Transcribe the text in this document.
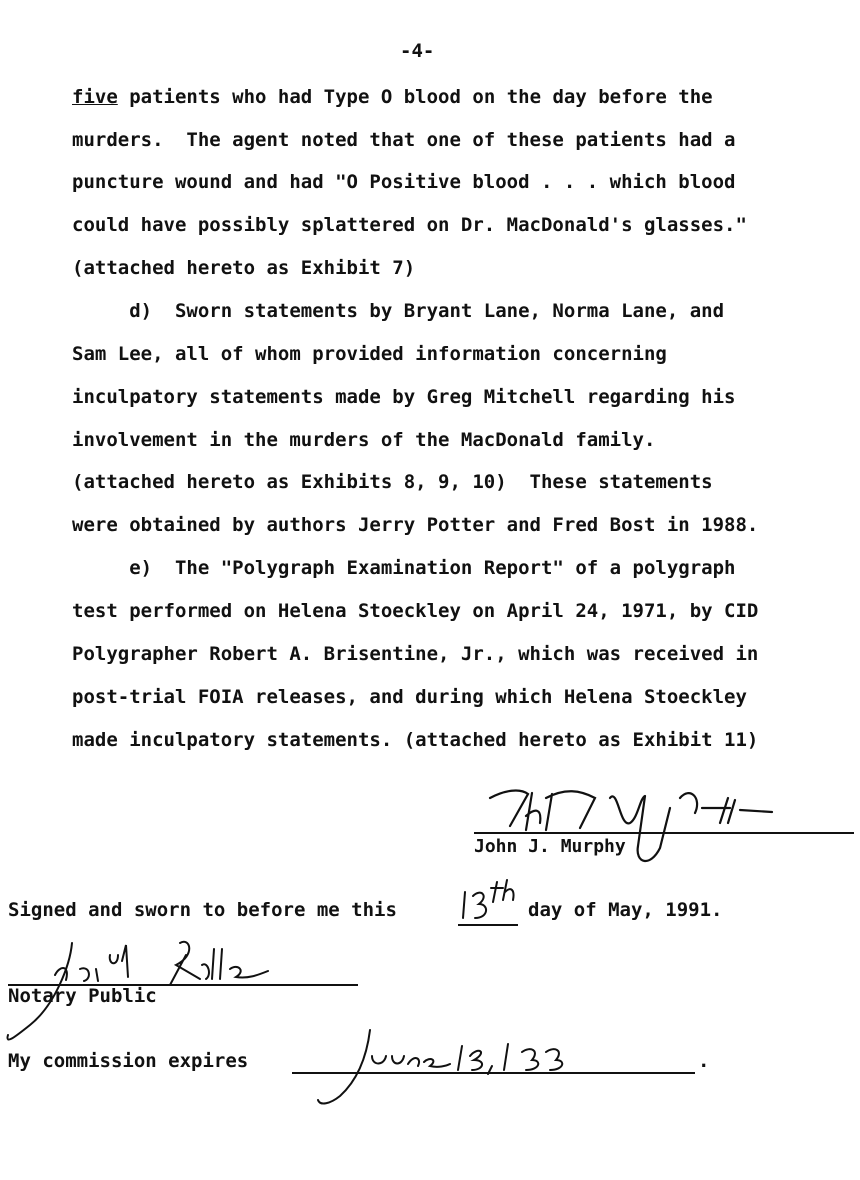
-4-
five patients who had Type O blood on the day before the
murders.  The agent noted that one of these patients had a
puncture wound and had "O Positive blood . . . which blood
could have possibly splattered on Dr. MacDonald's glasses."
(attached hereto as Exhibit 7)
d)  Sworn statements by Bryant Lane, Norma Lane, and
Sam Lee, all of whom provided information concerning
inculpatory statements made by Greg Mitchell regarding his
involvement in the murders of the MacDonald family.
(attached hereto as Exhibits 8, 9, 10)  These statements
were obtained by authors Jerry Potter and Fred Bost in 1988.
e)  The "Polygraph Examination Report" of a polygraph
test performed on Helena Stoeckley on April 24, 1971, by CID
Polygrapher Robert A. Brisentine, Jr., which was received in
post-trial FOIA releases, and during which Helena Stoeckley
made inculpatory statements. (attached hereto as Exhibit 11)
John J. Murphy
Signed and sworn to before me this	day of May, 1991.
Notary Public
My commission expires	.
